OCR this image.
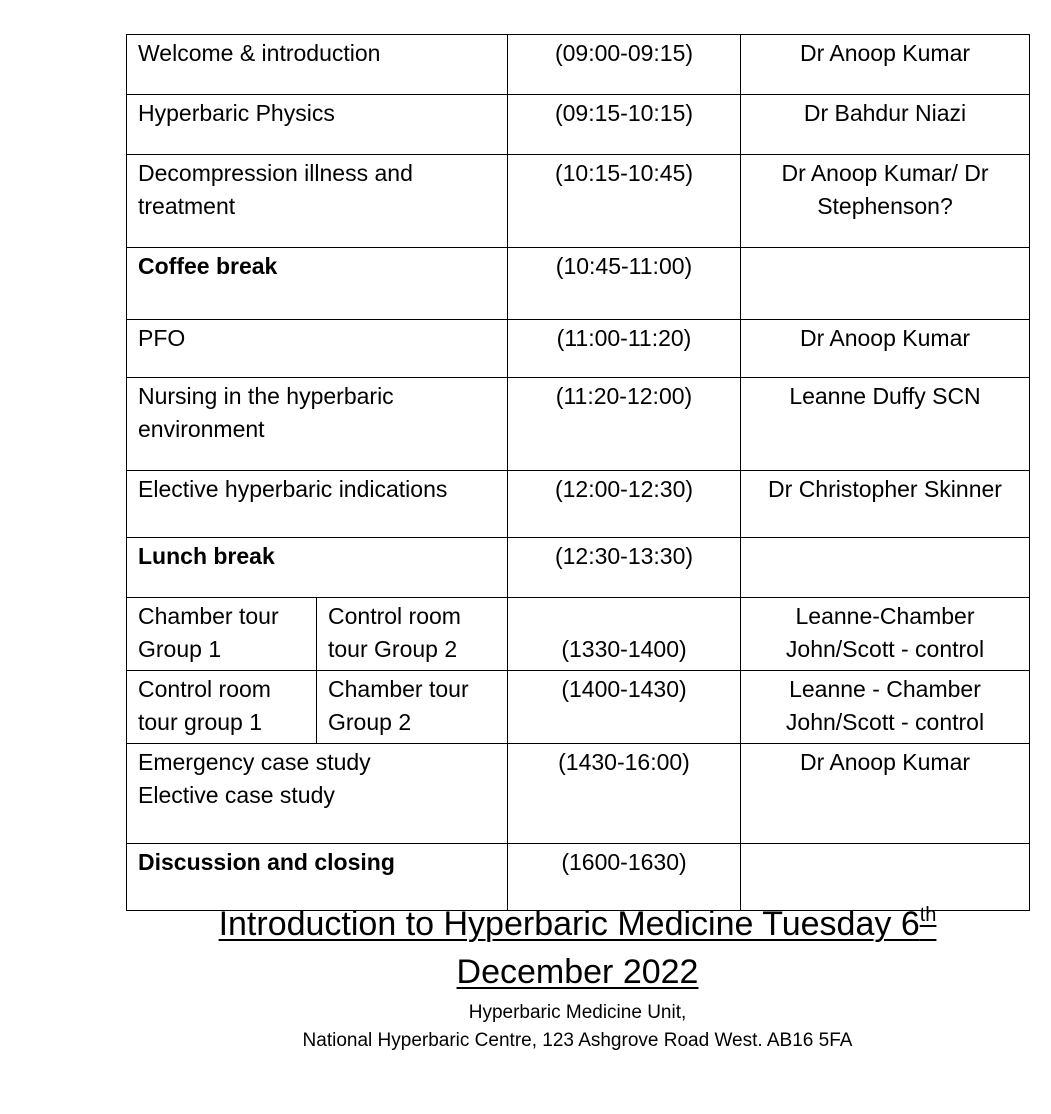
Welcome & introduction		(09:00-09:15)	Dr Anoop Kumar
Hyperbaric Physics		(09:15-10:15)	Dr Bahdur Niazi

Decompression illness and
treatment		(10:15-10:45)	Dr Anoop Kumar/ Dr
Stephenson?

Coffee break		(10:45-11:00)	
PFO		(11:00-11:20)	Dr Anoop Kumar

Nursing in the hyperbaric
environment		(11:20-12:00)	Leanne Duffy SCN
Elective hyperbaric indications		(12:00-12:30)	Dr Christopher Skinner
Lunch break		(12:30-13:30)	

Chamber tour
Group 1	Control room
tour Group 2	(1330-1400)	Leanne-Chamber
John/Scott - control

Control room
tour group 1	Chamber tour
Group 2	(1400-1430)	Leanne - Chamber
John/Scott - control

Emergency case study
Elective case study		(1430-16:00)	Dr Anoop Kumar
Discussion and closing		(1600-1630)	
Introduction to Hyperbaric Medicine Tuesday 6th
December 2022
Hyperbaric Medicine Unit,
National Hyperbaric Centre, 123 Ashgrove Road West. AB16 5FA
